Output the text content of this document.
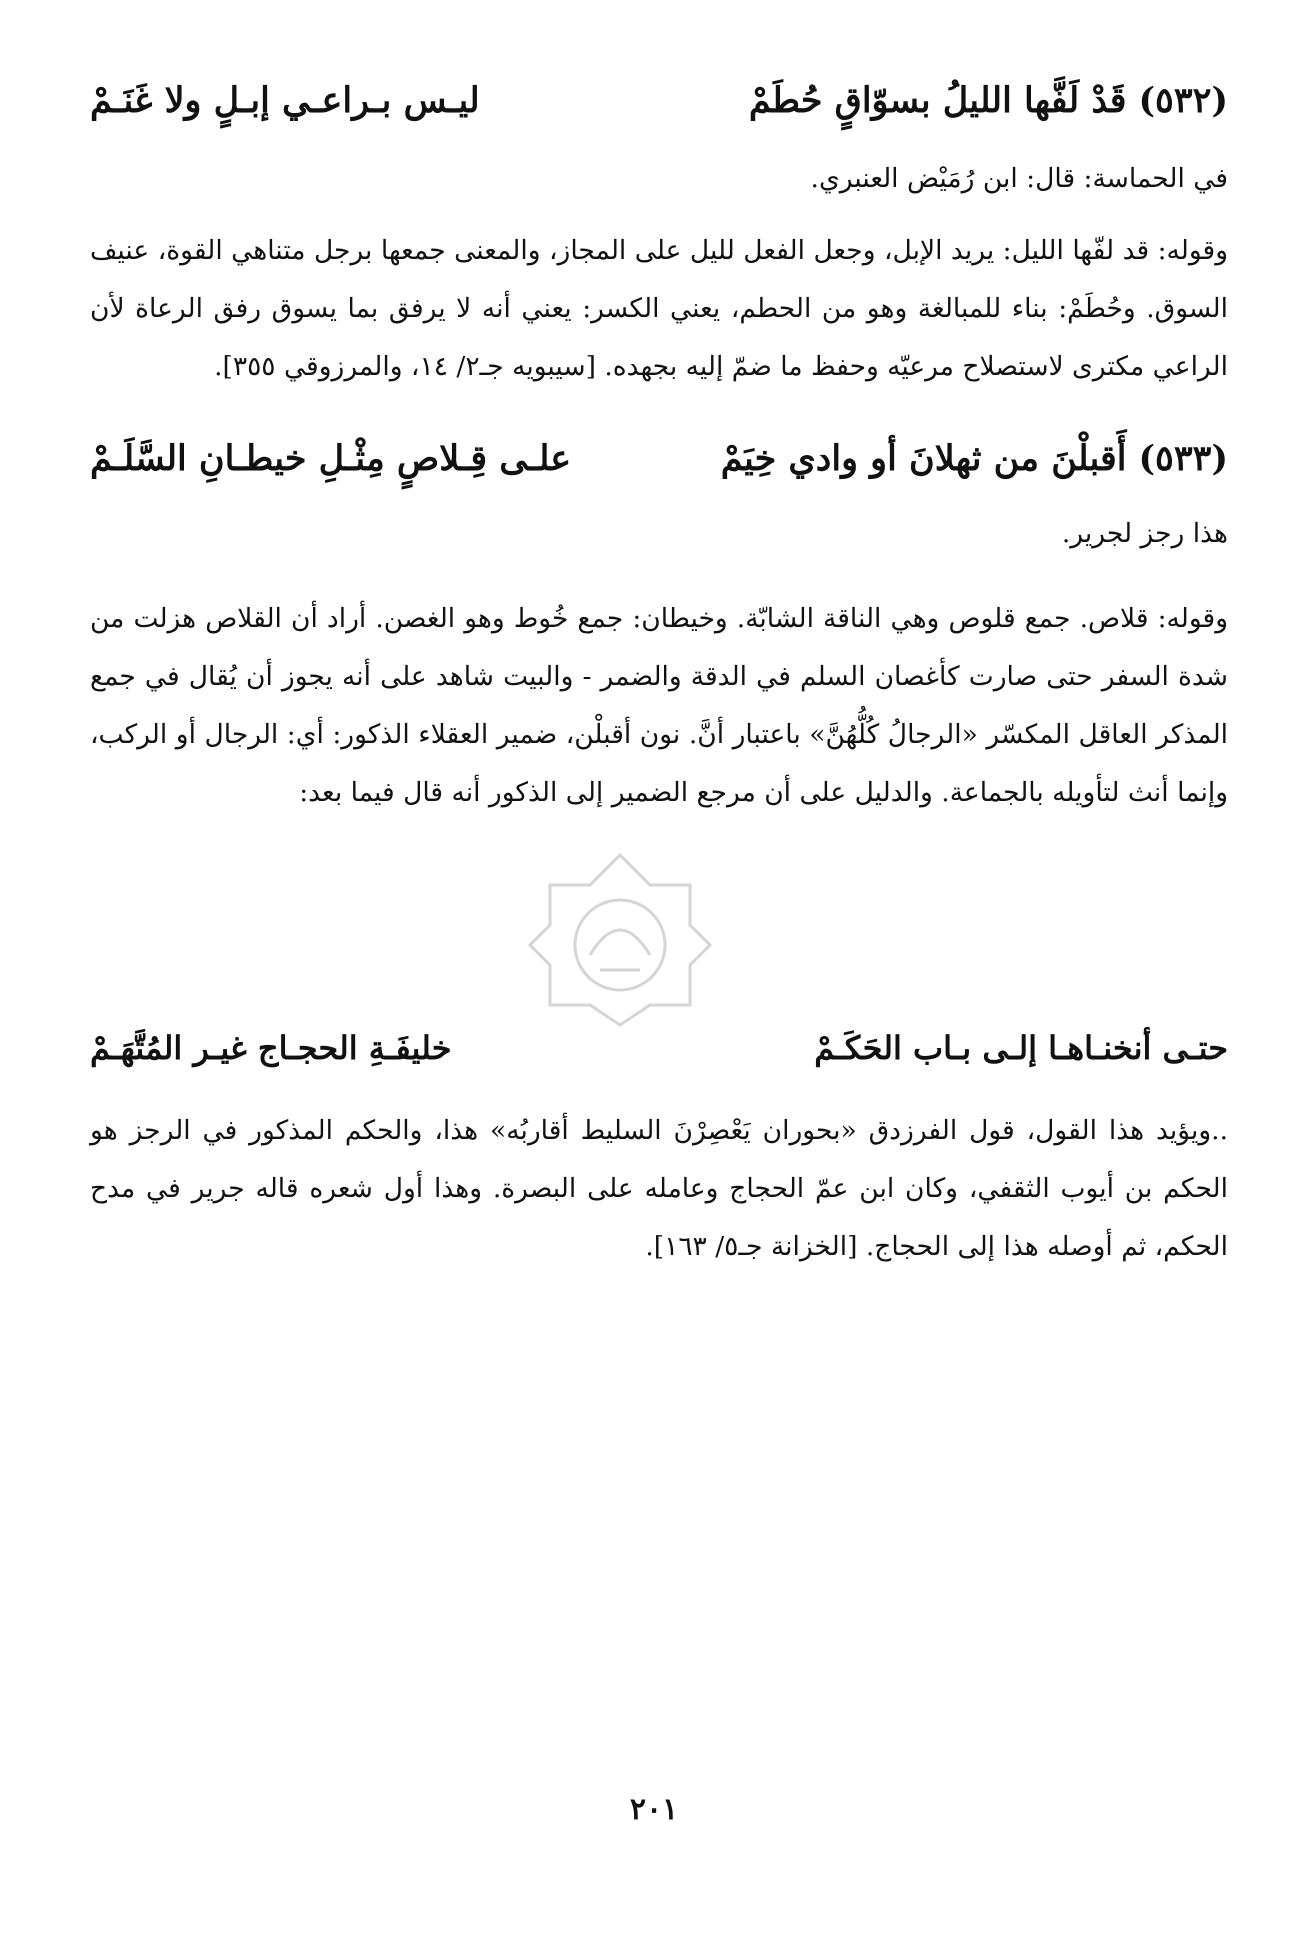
(٥٣٢)
قَدْ لَفَّها الليلُ بسوّاقٍ حُطَمْ
ليـس بـراعـي إبـلٍ ولا غَنَـمْ
في الحماسة: قال: ابن رُمَيْض العنبري.
وقوله: قد لفّها الليل: يريد الإبل، وجعل الفعل لليل على المجاز، والمعنى جمعها برجل متناهي القوة، عنيف السوق. وحُطَمْ: بناء للمبالغة وهو من الحطم، يعني الكسر: يعني أنه لا يرفق بما يسوق رفق الرعاة لأن الراعي مكترى لاستصلاح مرعيّه وحفظ ما ضمّ إليه بجهده. [سيبويه جـ٢/ ١٤، والمرزوقي ٣٥٥].
(٥٣٣)
أَقبلْنَ من ثهلانَ أو وادي خِيَمْ
علـى قِـلاصٍ مِثْـلِ خيطـانِ السَّلَـمْ
هذا رجز لجرير.
وقوله: قلاص. جمع قلوص وهي الناقة الشابّة. وخيطان: جمع خُوط وهو الغصن. أراد أن القلاص هزلت من شدة السفر حتى صارت كأغصان السلم في الدقة والضمر - والبيت شاهد على أنه يجوز أن يُقال في جمع المذكر العاقل المكسّر «الرجالُ كُلُّهُنَّ» باعتبار أنَّ. نون أقبلْن، ضمير العقلاء الذكور: أي: الرجال أو الركب، وإنما أنث لتأويله بالجماعة. والدليل على أن مرجع الضمير إلى الذكور أنه قال فيما بعد:
حتـى أنخنـاهـا إلـى بـاب الحَكَـمْ
خليفَـةِ الحجـاج غيـر المُتَّهَـمْ
..ويؤيد هذا القول، قول الفرزدق «بحوران يَعْصِرْنَ السليط أقاربُه» هذا، والحكم المذكور في الرجز هو الحكم بن أيوب الثقفي، وكان ابن عمّ الحجاج وعامله على البصرة. وهذا أول شعره قاله جرير في مدح الحكم، ثم أوصله هذا إلى الحجاج. [الخزانة جـ٥/ ١٦٣].
٢٠١
